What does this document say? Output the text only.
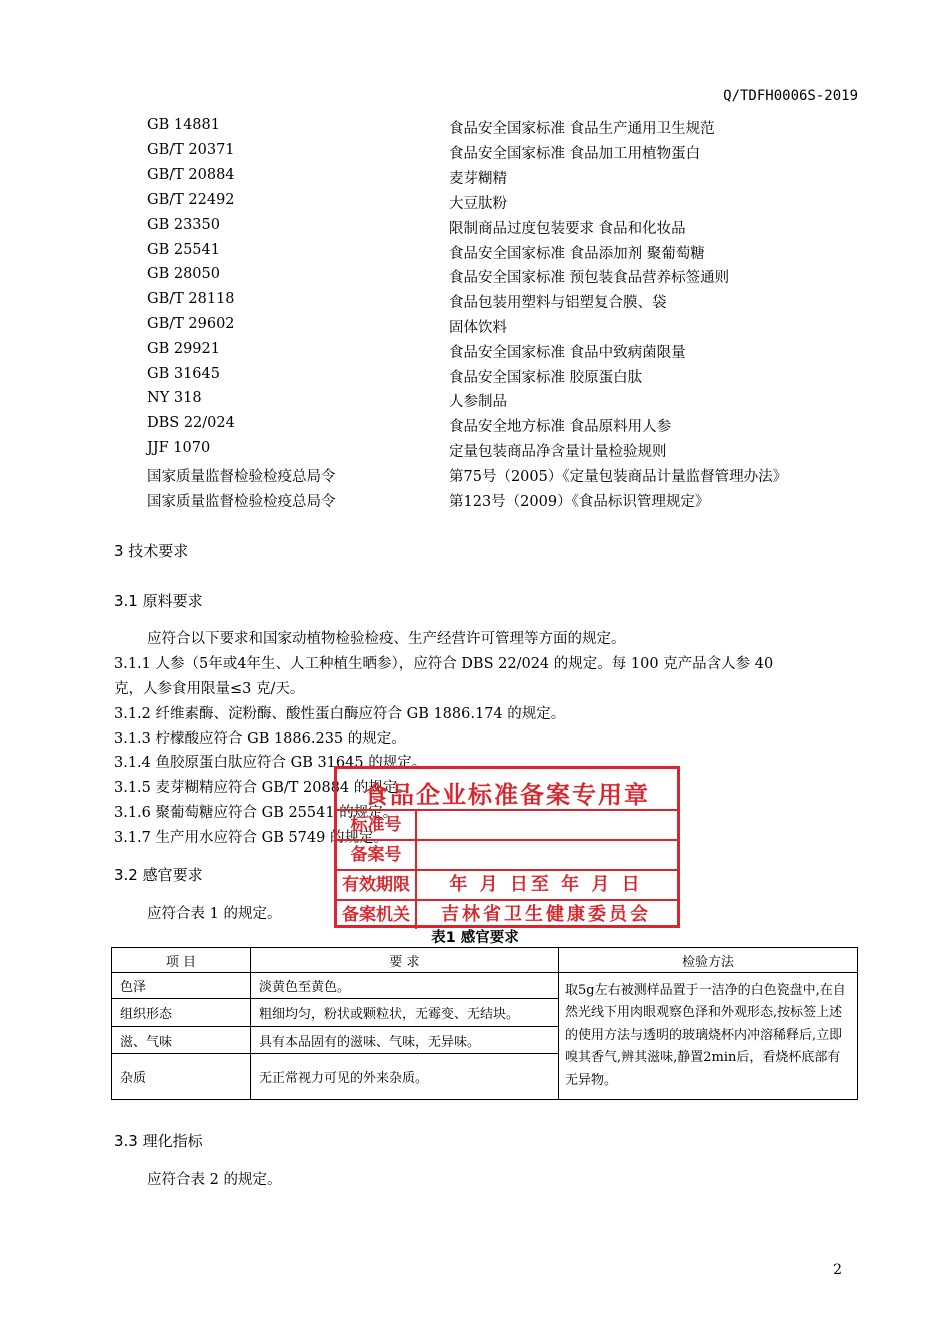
Q/TDFH0006S-2019
GB 14881	食品安全国家标准 食品生产通用卫生规范
GB/T 20371	食品安全国家标准 食品加工用植物蛋白
GB/T 20884	麦芽糊精
GB/T 22492	大豆肽粉
GB 23350	限制商品过度包装要求 食品和化妆品
GB 25541	食品安全国家标准 食品添加剂 聚葡萄糖
GB 28050	食品安全国家标准 预包装食品营养标签通则
GB/T 28118	食品包装用塑料与铝塑复合膜、袋
GB/T 29602	固体饮料
GB 29921	食品安全国家标准 食品中致病菌限量
GB 31645	食品安全国家标准 胶原蛋白肽
NY 318	人参制品
DBS 22/024	食品安全地方标准 食品原料用人参
JJF 1070	定量包装商品净含量计量检验规则
国家质量监督检验检疫总局令	第75号（2005）《定量包装商品计量监督管理办法》
国家质量监督检验检疫总局令	第123号（2009）《食品标识管理规定》
3 技术要求
3.1 原料要求
应符合以下要求和国家动植物检验检疫、生产经营许可管理等方面的规定。
3.1.1 人参（5年或4年生、人工种植生晒参），应符合 DBS 22/024 的规定。每 100 克产品含人参 40
克，人参食用限量≤3 克/天。
3.1.2 纤维素酶、淀粉酶、酸性蛋白酶应符合 GB 1886.174 的规定。
3.1.3 柠檬酸应符合 GB 1886.235 的规定。
3.1.4 鱼胶原蛋白肽应符合 GB 31645 的规定。
3.1.5 麦芽糊精应符合 GB/T 20884 的规定。
3.1.6 聚葡萄糖应符合 GB 25541 的规定。
3.1.7 生产用水应符合 GB 5749 的规定。
3.2 感官要求
应符合表 1 的规定。
食品企业标准备案专用章
标准号
备案号
有效期限	年 月 日至 年 月 日
备案机关	吉林省卫生健康委员会
表1 感官要求
项 目	要 求	检验方法
色泽	淡黄色至黄色。	取5g左右被测样品置于一洁净的白色瓷盘中,在自然光线下用肉眼观察色泽和外观形态,按标签上述的使用方法与透明的玻璃烧杯内冲溶稀释后,立即嗅其香气,辨其滋味,静置2min后，看烧杯底部有无异物。
组织形态	粗细均匀，粉状或颗粒状，无霉变、无结块。	
滋、气味	具有本品固有的滋味、气味，无异味。	
杂质	无正常视力可见的外来杂质。	
3.3 理化指标
应符合表 2 的规定。
2
